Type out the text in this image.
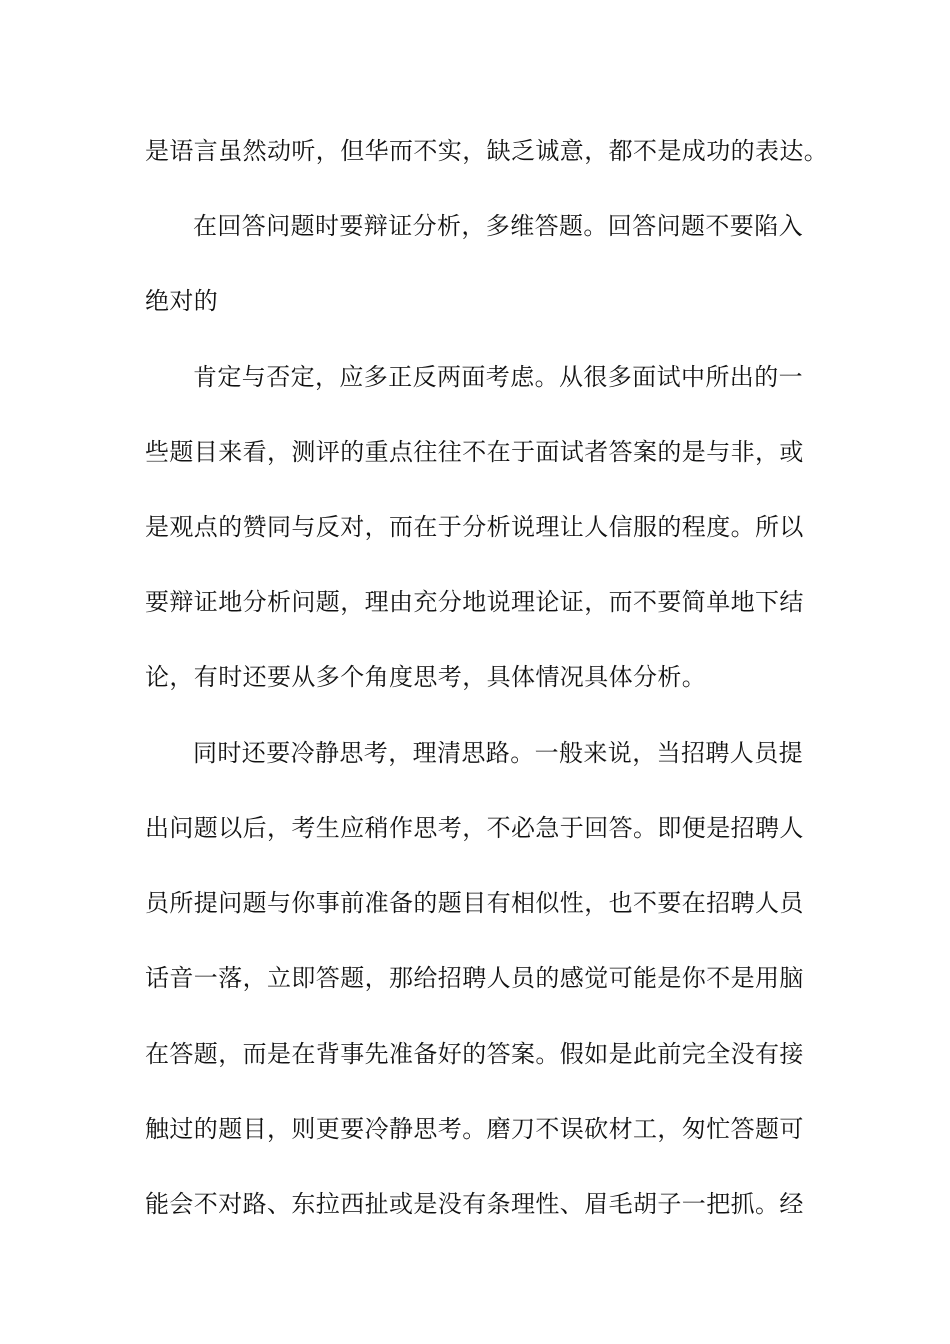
是语言虽然动听，但华而不实，缺乏诚意，都不是成功的表达。
在回答问题时要辩证分析，多维答题。回答问题不要陷入
绝对的
肯定与否定，应多正反两面考虑。从很多面试中所出的一
些题目来看，测评的重点往往不在于面试者答案的是与非，或
是观点的赞同与反对，而在于分析说理让人信服的程度。所以
要辩证地分析问题，理由充分地说理论证，而不要简单地下结
论，有时还要从多个角度思考，具体情况具体分析。
同时还要冷静思考，理清思路。一般来说，当招聘人员提
出问题以后，考生应稍作思考，不必急于回答。即便是招聘人
员所提问题与你事前准备的题目有相似性，也不要在招聘人员
话音一落，立即答题，那给招聘人员的感觉可能是你不是用脑
在答题，而是在背事先准备好的答案。假如是此前完全没有接
触过的题目，则更要冷静思考。磨刀不误砍材工，匆忙答题可
能会不对路、东拉西扯或是没有条理性、眉毛胡子一把抓。经
